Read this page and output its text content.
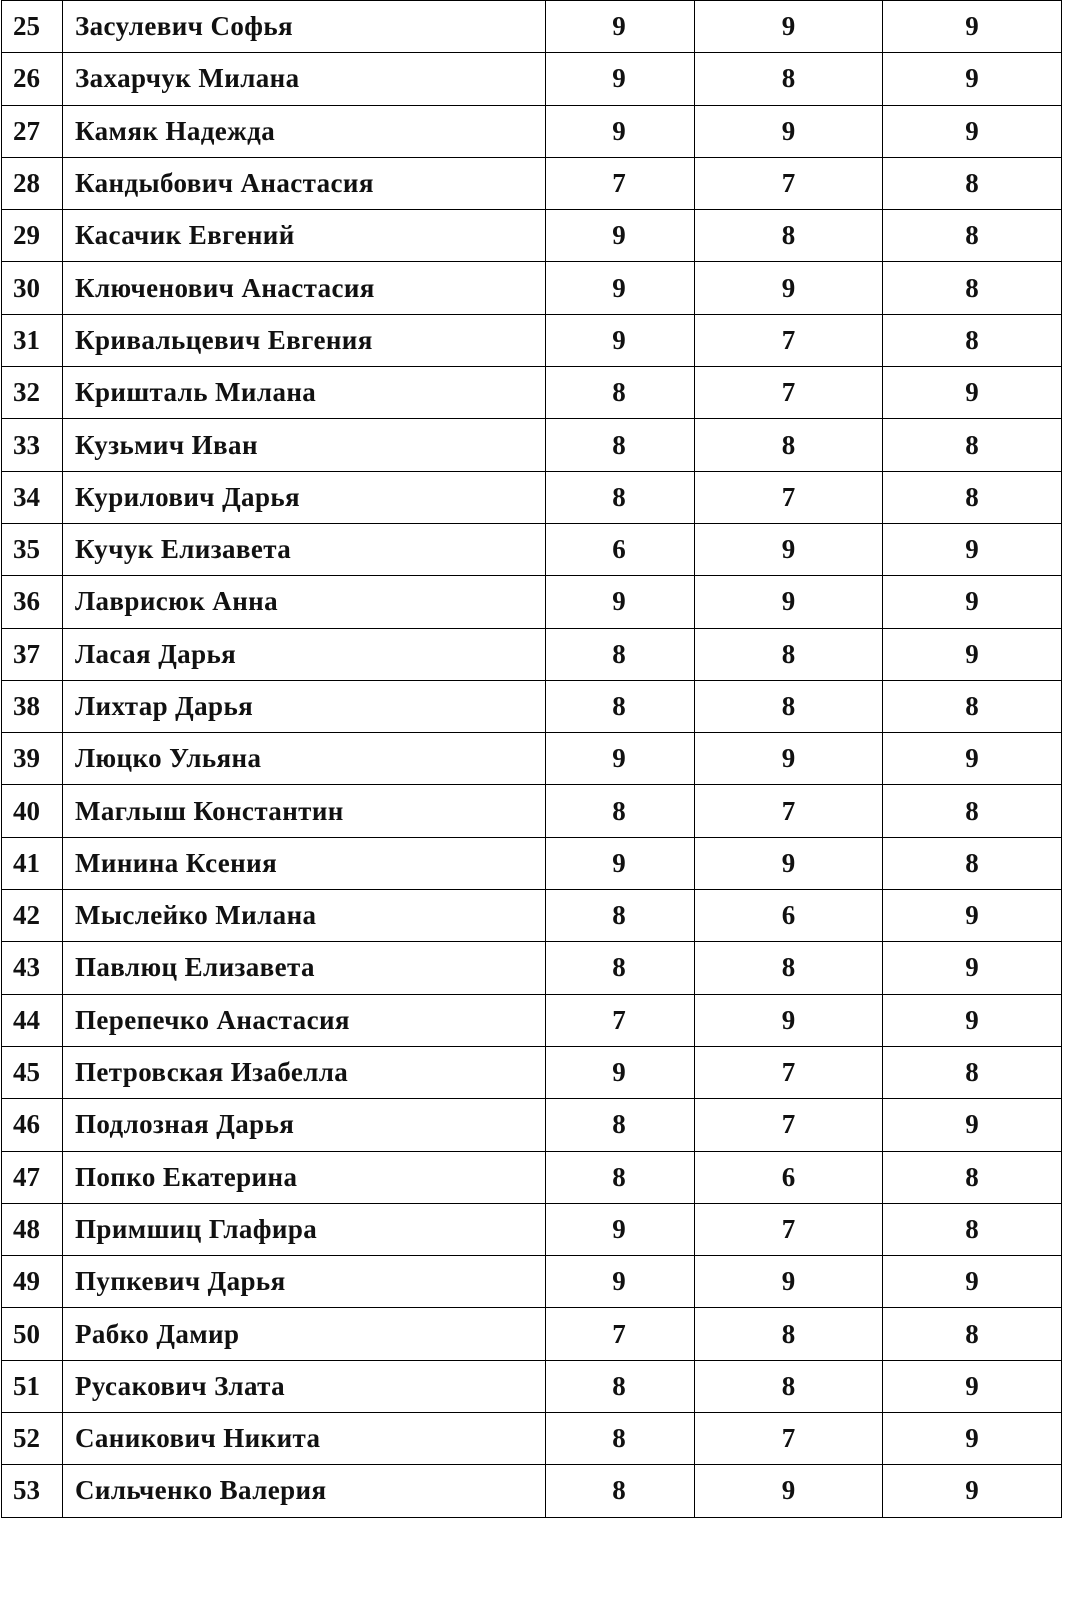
25	Засулевич Софья	9	9	9
26	Захарчук Милана	9	8	9
27	Камяк Надежда	9	9	9
28	Кандыбович Анастасия	7	7	8
29	Касачик Евгений	9	8	8
30	Ключенович Анастасия	9	9	8
31	Кривальцевич Евгения	9	7	8
32	Кришталь Милана	8	7	9
33	Кузьмич Иван	8	8	8
34	Курилович Дарья	8	7	8
35	Кучук Елизавета	6	9	9
36	Лаврисюк Анна	9	9	9
37	Ласая Дарья	8	8	9
38	Лихтар Дарья	8	8	8
39	Люцко Ульяна	9	9	9
40	Маглыш Константин	8	7	8
41	Минина Ксения	9	9	8
42	Мыслейко Милана	8	6	9
43	Павлюц Елизавета	8	8	9
44	Перепечко Анастасия	7	9	9
45	Петровская Изабелла	9	7	8
46	Подлозная Дарья	8	7	9
47	Попко Екатерина	8	6	8
48	Примшиц Глафира	9	7	8
49	Пупкевич Дарья	9	9	9
50	Рабко Дамир	7	8	8
51	Русакович Злата	8	8	9
52	Саникович Никита	8	7	9
53	Сильченко Валерия	8	9	9
